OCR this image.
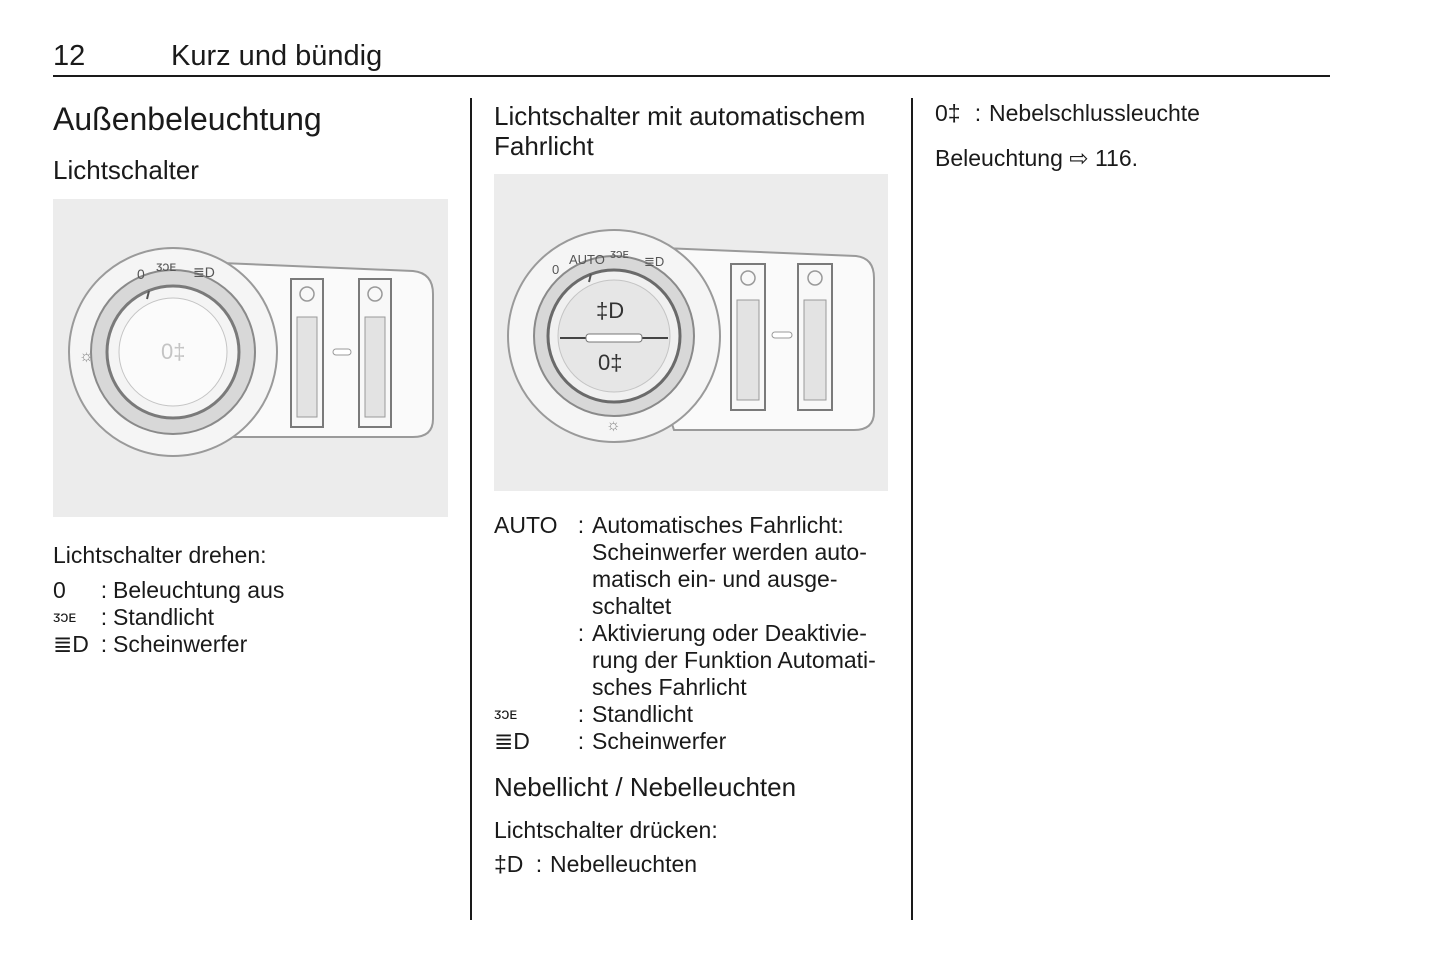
12	Kurz und bündig
Außenbeleuchtung
Lichtschalter
0 ᴣᴐᴇ ≣D
0‡
☼
Lichtschalter drehen:
0	: Beleuchtung aus
ᴣᴐᴇ	: Standlicht
≣D : Scheinwerfer
Lichtschalter mit automatischem Fahrlicht
0
AUTO ᴣᴐᴇ
≣D
‡D
0‡
☼
AUTO : Automatisches Fahrlicht: Scheinwerfer werden automatisch ein- und ausgeschaltet
: Aktivierung oder Deaktivierung der Funktion Automatisches Fahrlicht
ᴣᴐᴇ	: Standlicht
≣D	: Scheinwerfer
Nebellicht / Nebelleuchten
Lichtschalter drücken:
‡D : Nebelleuchten
0‡ : Nebelschlussleuchte
Beleuchtung ⇨ 116.
